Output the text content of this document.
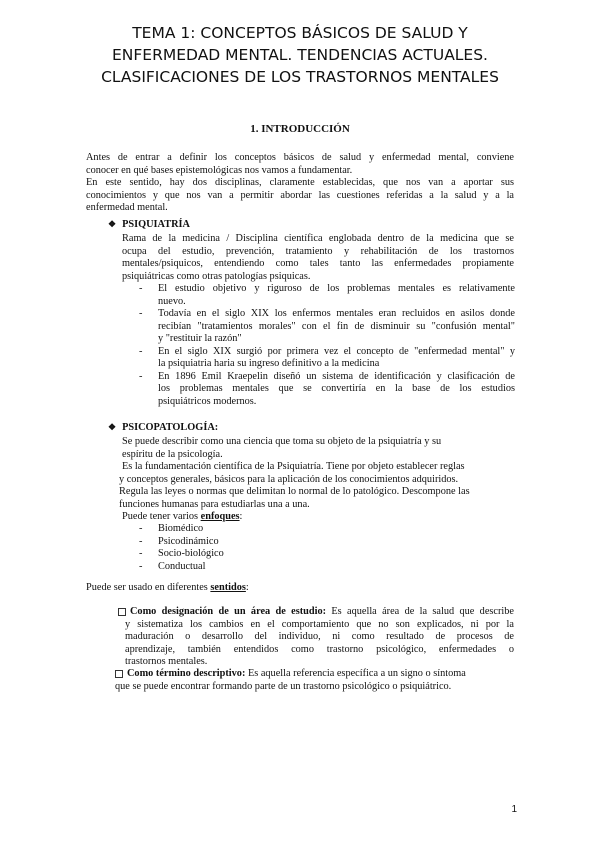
TEMA 1: CONCEPTOS BÁSICOS DE SALUD Y
ENFERMEDAD MENTAL. TENDENCIAS ACTUALES.
CLASIFICACIONES DE LOS TRASTORNOS MENTALES
1. INTRODUCCIÓN
Antes de entrar a definir los conceptos básicos de salud y enfermedad mental, conviene
conocer en qué bases epistemológicas nos vamos a fundamentar.
En este sentido, hay dos disciplinas, claramente establecidas, que nos van a aportar sus
conocimientos y que nos van a permitir abordar las cuestiones referidas a la salud y a la
enfermedad mental.
❖ PSIQUIATRÍA
Rama de la medicina / Disciplina científica englobada dentro de la medicina que se
ocupa del estudio, prevención, tratamiento y rehabilitación de los trastornos
mentales/psiquicos, entendiendo como tales tanto las enfermedades propiamente
psiquiátricas como otras patologías psiquicas.
- El estudio objetivo y riguroso de los problemas mentales es relativamente
nuevo.
- Todavía en el siglo XIX los enfermos mentales eran recluidos en asilos donde
recibían "tratamientos morales" con el fin de disminuir su "confusión mental"
y "restituir la razón"
- En el siglo XIX surgió por primera vez el concepto de "enfermedad mental" y
la psiquiatria haria su ingreso definitivo a la medicina
- En 1896 Emil Kraepelin diseñó un sistema de identificación y clasificación de
los problemas mentales que se convertiría en la base de los estudios
psiquiátricos modernos.
❖ PSICOPATOLOGÍA:
Se puede describir como una ciencia que toma su objeto de la psiquiatría y su
espíritu de la psicología.
Es la fundamentación científica de la Psiquiatría. Tiene por objeto establecer reglas
y conceptos generales, básicos para la aplicación de los conocimientos adquiridos.
Regula las leyes o normas que delimitan lo normal de lo patológico. Descompone las
funciones humanas para estudiarlas una a una.
Puede tener varios enfoques:
- Biomédico
- Psicodinámico
- Socio-biológico
- Conductual
Puede ser usado en diferentes sentidos:
Como designación de un área de estudio: Es aquella área de la salud que describe
y sistematiza los cambios en el comportamiento que no son explicados, ni por la
maduración o desarrollo del individuo, ni como resultado de procesos de
aprendizaje, también entendidos como trastorno psicológico, enfermedades o
trastornos mentales.
Como término descriptivo: Es aquella referencia específica a un signo o síntoma
que se puede encontrar formando parte de un trastorno psicológico o psiquiátrico.
1
